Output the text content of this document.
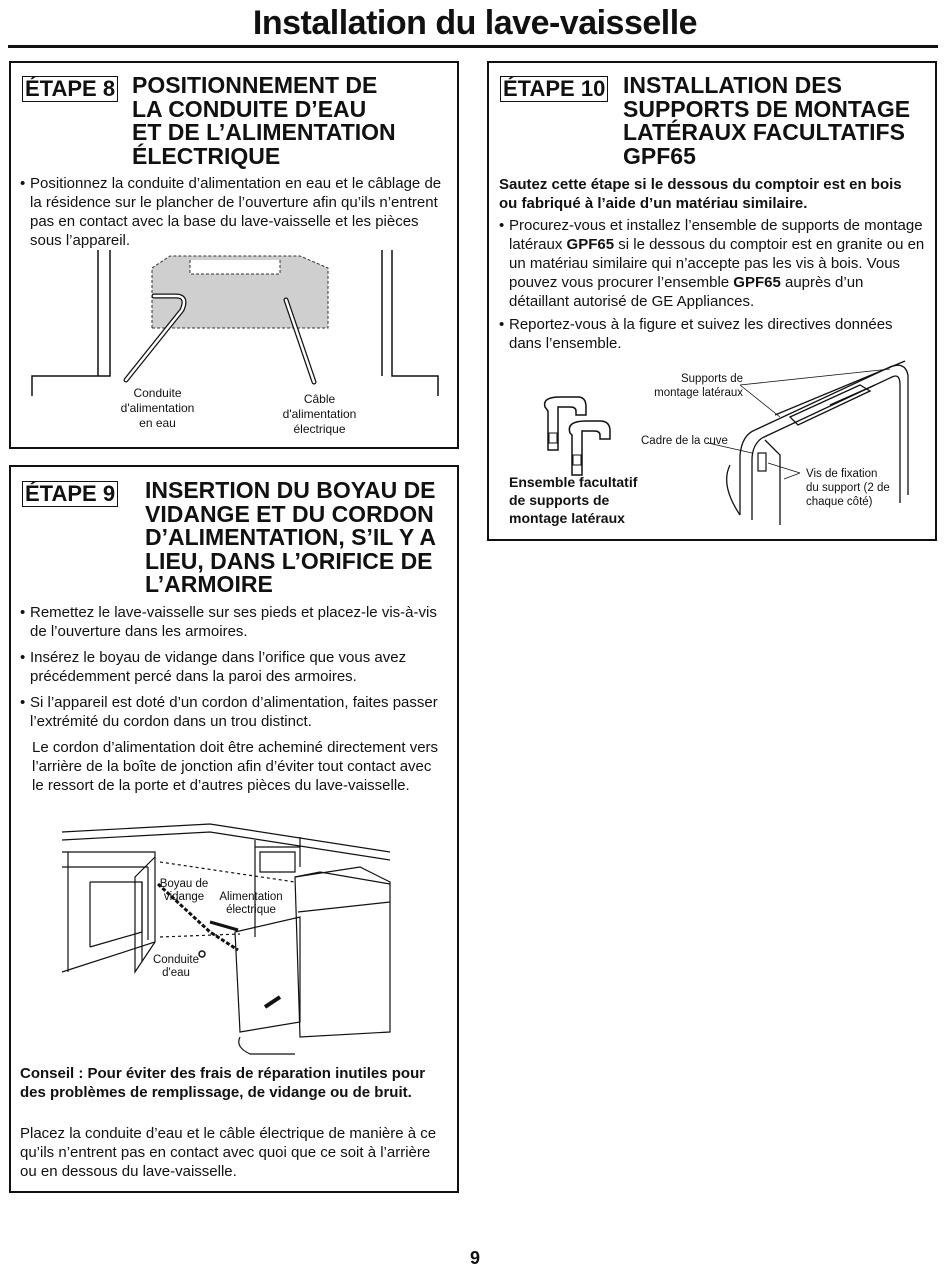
Installation du lave-vaisselle
ÉTAPE 8 POSITIONNEMENT DE
LA CONDUITE D’EAU
ET DE L’ALIMENTATION
ÉLECTRIQUE
• Positionnez la conduite d’alimentation en eau et le câblage de la résidence sur le plancher de l’ouverture afin qu’ils n’entrent pas en contact avec la base du lave-vaisselle et les pièces sous l’appareil.
Conduite
d'alimentation
en eau
Câble
d'alimentation
électrique
ÉTAPE 9 INSERTION DU BOYAU DE
VIDANGE ET DU CORDON
D’ALIMENTATION, S’IL Y A
LIEU, DANS L’ORIFICE DE
L’ARMOIRE
• Remettez le lave-vaisselle sur ses pieds et placez-le vis-à-vis de l’ouverture dans les armoires.
• Insérez le boyau de vidange dans l’orifice que vous avez précédemment percé dans la paroi des armoires.
• Si l’appareil est doté d’un cordon d’alimentation, faites passer l’extrémité du cordon dans un trou distinct.
Le cordon d’alimentation doit être acheminé directement vers l’arrière de la boîte de jonction afin d’éviter tout contact avec le ressort de la porte et d’autres pièces du lave-vaisselle.
Boyau de
vidange	Alimentation
électrique
Conduite
d'eau
Conseil : Pour éviter des frais de réparation inutiles pour des problèmes de remplissage, de vidange ou de bruit.
Placez la conduite d’eau et le câble électrique de manière à ce qu’ils n’entrent pas en contact avec quoi que ce soit à l’arrière ou en dessous du lave-vaisselle.
ÉTAPE 10 INSTALLATION DES
SUPPORTS DE MONTAGE
LATÉRAUX FACULTATIFS
GPF65
Sautez cette étape si le dessous du comptoir est en bois ou fabriqué à l’aide d’un matériau similaire.
• Procurez-vous et installez l’ensemble de supports de montage latéraux GPF65 si le dessous du comptoir est en granite ou en un matériau similaire qui n’accepte pas les vis à bois. Vous pouvez vous procurer l’ensemble GPF65 auprès d’un détaillant autorisé de GE Appliances.
• Reportez-vous à la figure et suivez les directives données dans l’ensemble.
Supports de
montage latéraux
Cadre de la cuve
Vis de fixation
du support (2 de
chaque côté)
Ensemble facultatif
de supports de
montage latéraux
9
